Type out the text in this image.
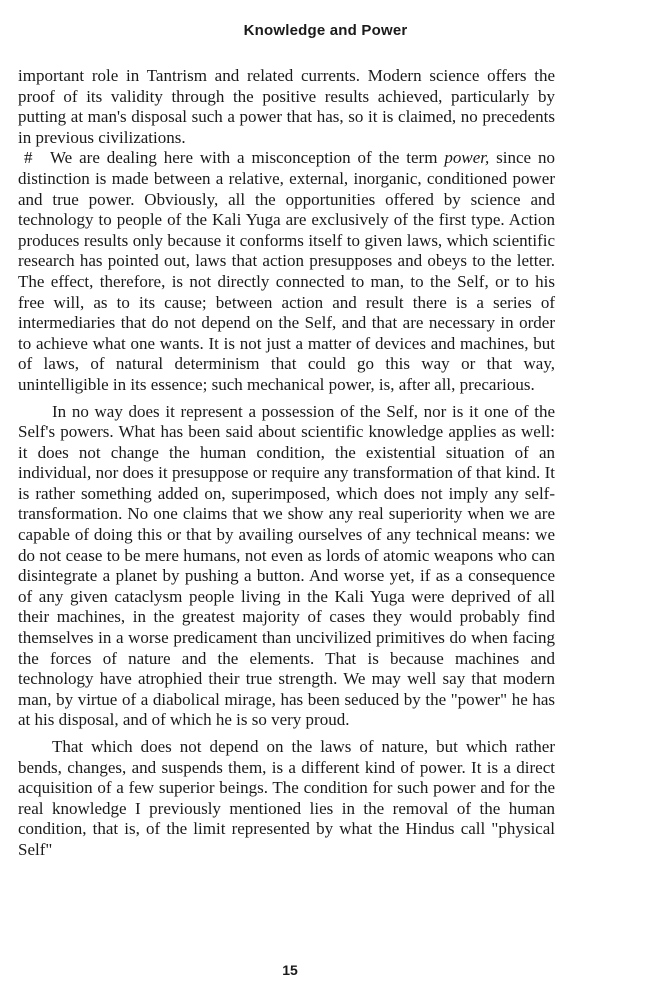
Knowledge and Power

important role in Tantrism and related currents. Modern science offers the proof of its validity through the positive results achieved, particularly by putting at man's disposal such a power that has, so it is claimed, no precedents in previous civilizations.

# We are dealing here with a misconception of the term power, since no distinction is made between a relative, external, inorganic, conditioned power and true power. Obviously, all the opportunities offered by science and technology to people of the Kali Yuga are exclusively of the first type. Action produces results only because it conforms itself to given laws, which scientific research has pointed out, laws that action presupposes and obeys to the letter. The effect, therefore, is not directly connected to man, to the Self, or to his free will, as to its cause; between action and result there is a series of intermediaries that do not depend on the Self, and that are necessary in order to achieve what one wants. It is not just a matter of devices and machines, but of laws, of natural determinism that could go this way or that way, unintelligible in its essence; such mechanical power, is, after all, precarious.

In no way does it represent a possession of the Self, nor is it one of the Self's powers. What has been said about scientific knowledge applies as well: it does not change the human condition, the existential situation of an individual, nor does it presuppose or require any transformation of that kind. It is rather something added on, superimposed, which does not imply any self-transformation. No one claims that we show any real superiority when we are capable of doing this or that by availing ourselves of any technical means: we do not cease to be mere humans, not even as lords of atomic weapons who can disintegrate a planet by pushing a button. And worse yet, if as a consequence of any given cataclysm people living in the Kali Yuga were deprived of all their machines, in the greatest majority of cases they would probably find themselves in a worse predicament than uncivilized primitives do when facing the forces of nature and the elements. That is because machines and technology have atrophied their true strength. We may well say that modern man, by virtue of a diabolical mirage, has been seduced by the "power" he has at his disposal, and of which he is so very proud.

That which does not depend on the laws of nature, but which rather bends, changes, and suspends them, is a different kind of power. It is a direct acquisition of a few superior beings. The condition for such power and for the real knowledge I previously mentioned lies in the removal of the human condition, that is, of the limit represented by what the Hindus call "physical Self"

15
